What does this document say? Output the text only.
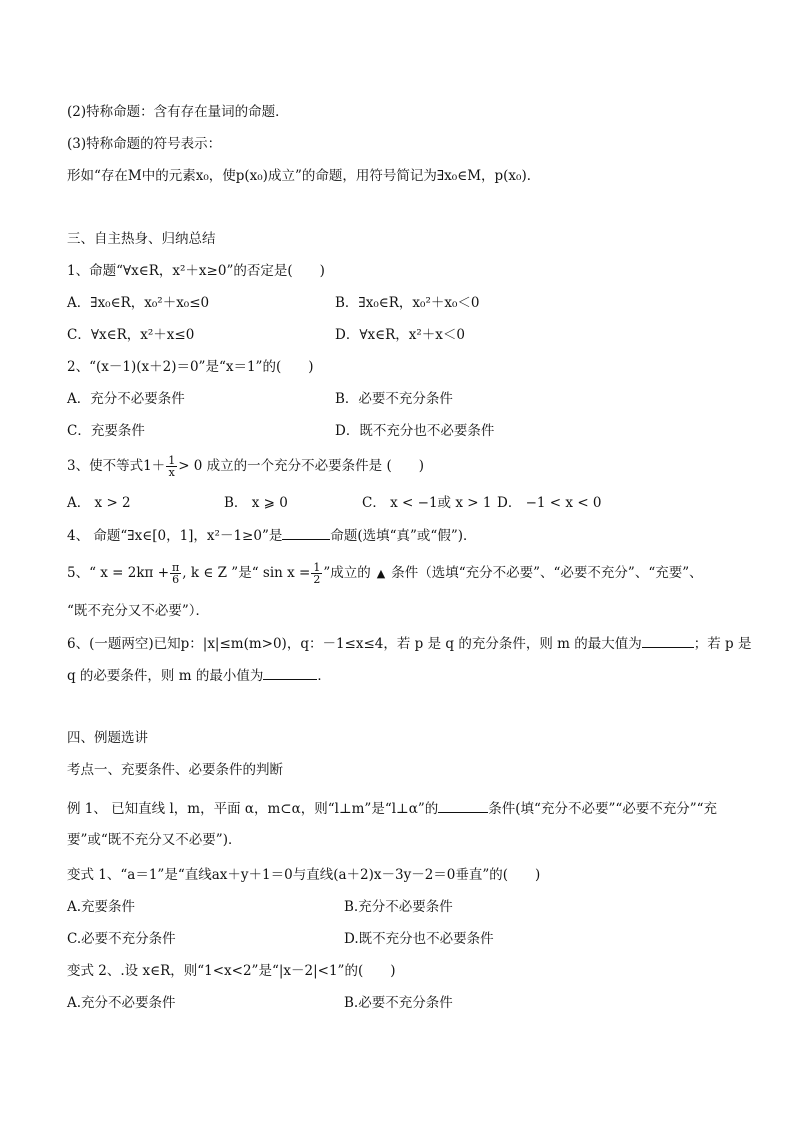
(2)特称命题：含有存在量词的命题．
(3)特称命题的符号表示：
形如“存在M中的元素x₀，使p(x₀)成立”的命题，用符号简记为∃x₀∈M，p(x₀)．
三、自主热身、归纳总结
1、命题“∀x∈R，x²＋x≥0”的否定是(　　)
A．∃x₀∈R，x₀²＋x₀≤0	B．∃x₀∈R，x₀²＋x₀＜0
C．∀x∈R，x²＋x≤0	D．∀x∈R，x²＋x＜0
2、“(x－1)(x＋2)＝0”是“x＝1”的(　　)
A．充分不必要条件	B．必要不充分条件
C．充要条件	D．既不充分也不必要条件
3、使不等式$1+ \frac{1}{x} > 0$ 成立的一个充分不必要条件是 (　　)
A． x > 2	B． x ⩾ 0	C． x < −1或 x > 1 D． −1 < x < 0
4、 命题“∃x∈[0，1]，x²－1≥0”是	命题(选填“真”或“假”)．
5、“ $x = 2k\pi + \frac{\pi}{6}$ , k ∈ Z ”是“ $\sin x = \frac{1}{2}$ ”成立的 ▲ 条件（选填“充分不必要”、“必要不充分”、“充要”、
“既不充分又不必要”）．
6、(一题两空)已知p：|x|≤m(m>0)，q：－1≤x≤4，若 p 是 q 的充分条件，则 m 的最大值为	；若 p 是
q 的必要条件，则 m 的最小值为	．
四、例题选讲
考点一、充要条件、必要条件的判断
例 1、 已知直线 l，m，平面 α，m⊂α，则“l⊥m”是“l⊥α”的	条件(填“充分不必要”“必要不充分”“充
要”或“既不充分又不必要”)．
变式 1、“a＝1”是“直线ax＋y＋1＝0与直线(a＋2)x－3y－2＝0垂直”的(　　)
A.充要条件	B.充分不必要条件
C.必要不充分条件	D.既不充分也不必要条件
变式 2、.设 x∈R，则“1<x<2”是“|x－2|<1”的(　　)
A.充分不必要条件	B.必要不充分条件
